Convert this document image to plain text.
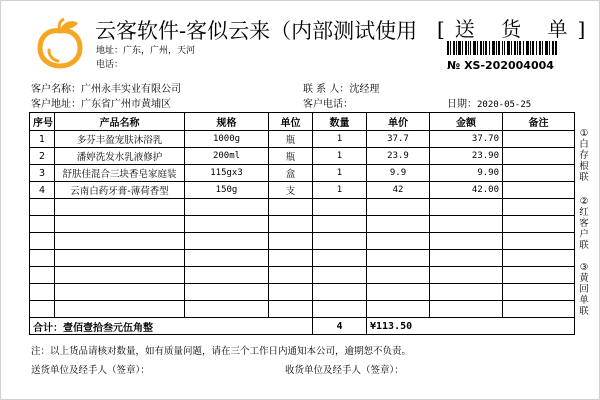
云客软件-客似云来（内部测试使用 [送 货 单]
地址：广东，广州，天河
电话：	№ XS-202004004
客户名称：广州永丰实业有限公司	联 系 人：沈经理
客户地址：广东省广州市黄埔区	客户电话：	日期：2020-05-25
序号	产品名称	规格	单位	数量	单价	金额	备注
1	多芬丰盈宠肤沐浴乳	1000g	瓶	1	37.7	37.70	
2	潘婷洗发水乳液修护	200ml	瓶	1	23.9	23.90	
3	舒肤佳混合三块香皂家庭装	115gx3	盒	1	9.9	9.90	
4	云南白药牙膏-薄荷香型	150g	支	1	42	42.00	

合计：壹佰壹拾叁元伍角整				4	¥113.50		
注：以上货品请核对数量，如有质量问题，请在三个工作日内通知本公司，逾期恕不负责。
送货单位及经手人（签章）：	收货单位及经手人（签章）：
①白存根联
②红客户联
③黄回单联
